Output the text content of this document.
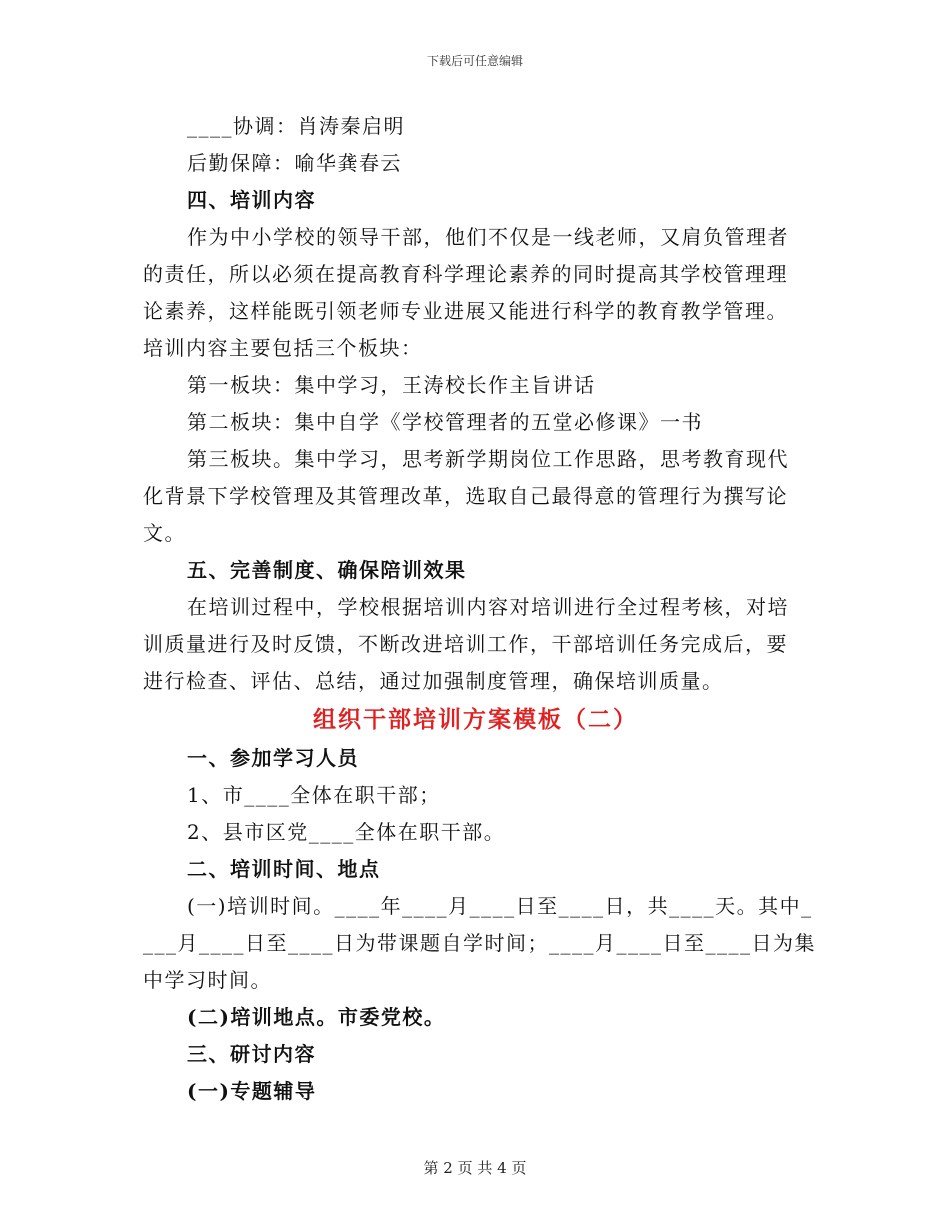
下载后可任意编辑
____协调：肖涛秦启明
后勤保障：喻华龚春云
四、培训内容
作为中小学校的领导干部，他们不仅是一线老师，又肩负管理者
的责任，所以必须在提高教育科学理论素养的同时提高其学校管理理
论素养，这样能既引领老师专业进展又能进行科学的教育教学管理。
培训内容主要包括三个板块：
第一板块：集中学习，王涛校长作主旨讲话
第二板块：集中自学《学校管理者的五堂必修课》一书
第三板块。集中学习，思考新学期岗位工作思路，思考教育现代
化背景下学校管理及其管理改革，选取自己最得意的管理行为撰写论
文。
五、完善制度、确保陪训效果
在培训过程中，学校根据培训内容对培训进行全过程考核，对培
训质量进行及时反馈，不断改进培训工作，干部培训任务完成后，要
进行检查、评估、总结，通过加强制度管理，确保培训质量。
组织干部培训方案模板（二）
一、参加学习人员
1、市____全体在职干部；
2、县市区党____全体在职干部。
二、培训时间、地点
(一)培训时间。____年____月____日至____日，共____天。其中_
___月____日至____日为带课题自学时间；____月____日至____日为集
中学习时间。
(二)培训地点。市委党校。
三、研讨内容
(一)专题辅导
第 2 页 共 4 页
